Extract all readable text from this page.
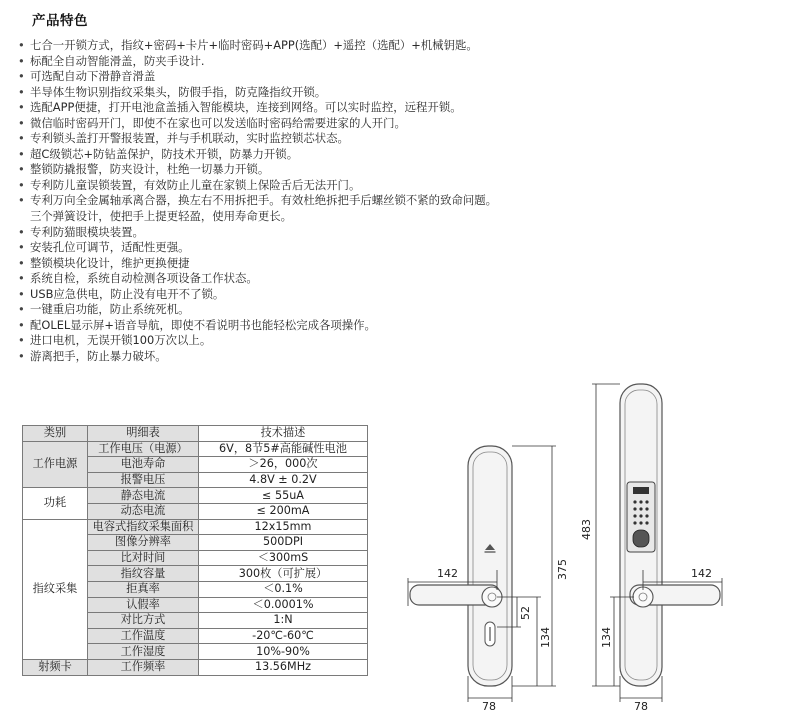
产品特色
• 七合一开锁方式，指纹+密码+卡片+临时密码+APP(选配）+遥控（选配）+机械钥匙。
• 标配全自动智能滑盖，防夹手设计.
• 可选配自动下滑静音滑盖
• 半导体生物识别指纹采集头，防假手指，防克隆指纹开锁。
• 选配APP便捷，打开电池盒盖插入智能模块，连接到网络。可以实时监控，远程开锁。
• 微信临时密码开门，即使不在家也可以发送临时密码给需要进家的人开门。
• 专利锁头盖打开警报装置，并与手机联动，实时监控锁芯状态。
• 超C级锁芯+防钻盖保护，防技术开锁，防暴力开锁。
• 整锁防撬报警，防夹设计，杜绝一切暴力开锁。
• 专利防儿童误锁装置，有效防止儿童在家锁上保险舌后无法开门。
• 专利万向全金属轴承离合器，换左右不用拆把手。有效杜绝拆把手后螺丝锁不紧的致命问题。
三个弹簧设计，使把手上提更轻盈，使用寿命更长。
• 专利防猫眼模块装置。
• 安装孔位可调节，适配性更强。
• 整锁模块化设计，维护更换便捷
• 系统自检，系统自动检测各项设备工作状态。
• USB应急供电，防止没有电开不了锁。
• 一键重启功能，防止系统死机。
• 配OLEL显示屏+语音导航，即使不看说明书也能轻松完成各项操作。
• 进口电机，无误开锁100万次以上。
• 游离把手，防止暴力破坏。
类别	明细表	技术描述
工作电源	工作电压（电源）	6V，8节5#高能碱性电池
	电池寿命	＞26，000次
	报警电压	4.8V ± 0.2V
功耗	静态电流	≤ 55uA
	动态电流	≤ 200mA
指纹采集	电容式指纹采集面积	12x15mm
	图像分辨率	500DPI
	比对时间	＜300mS
	指纹容量	300枚（可扩展）
	拒真率	＜0.1%
	认假率	＜0.0001%
	对比方式	1:N
	工作温度	-20℃-60℃
	工作湿度	10%-90%
射频卡	工作频率	13.56MHz
142
78
375
134
52
483
134
142
78
